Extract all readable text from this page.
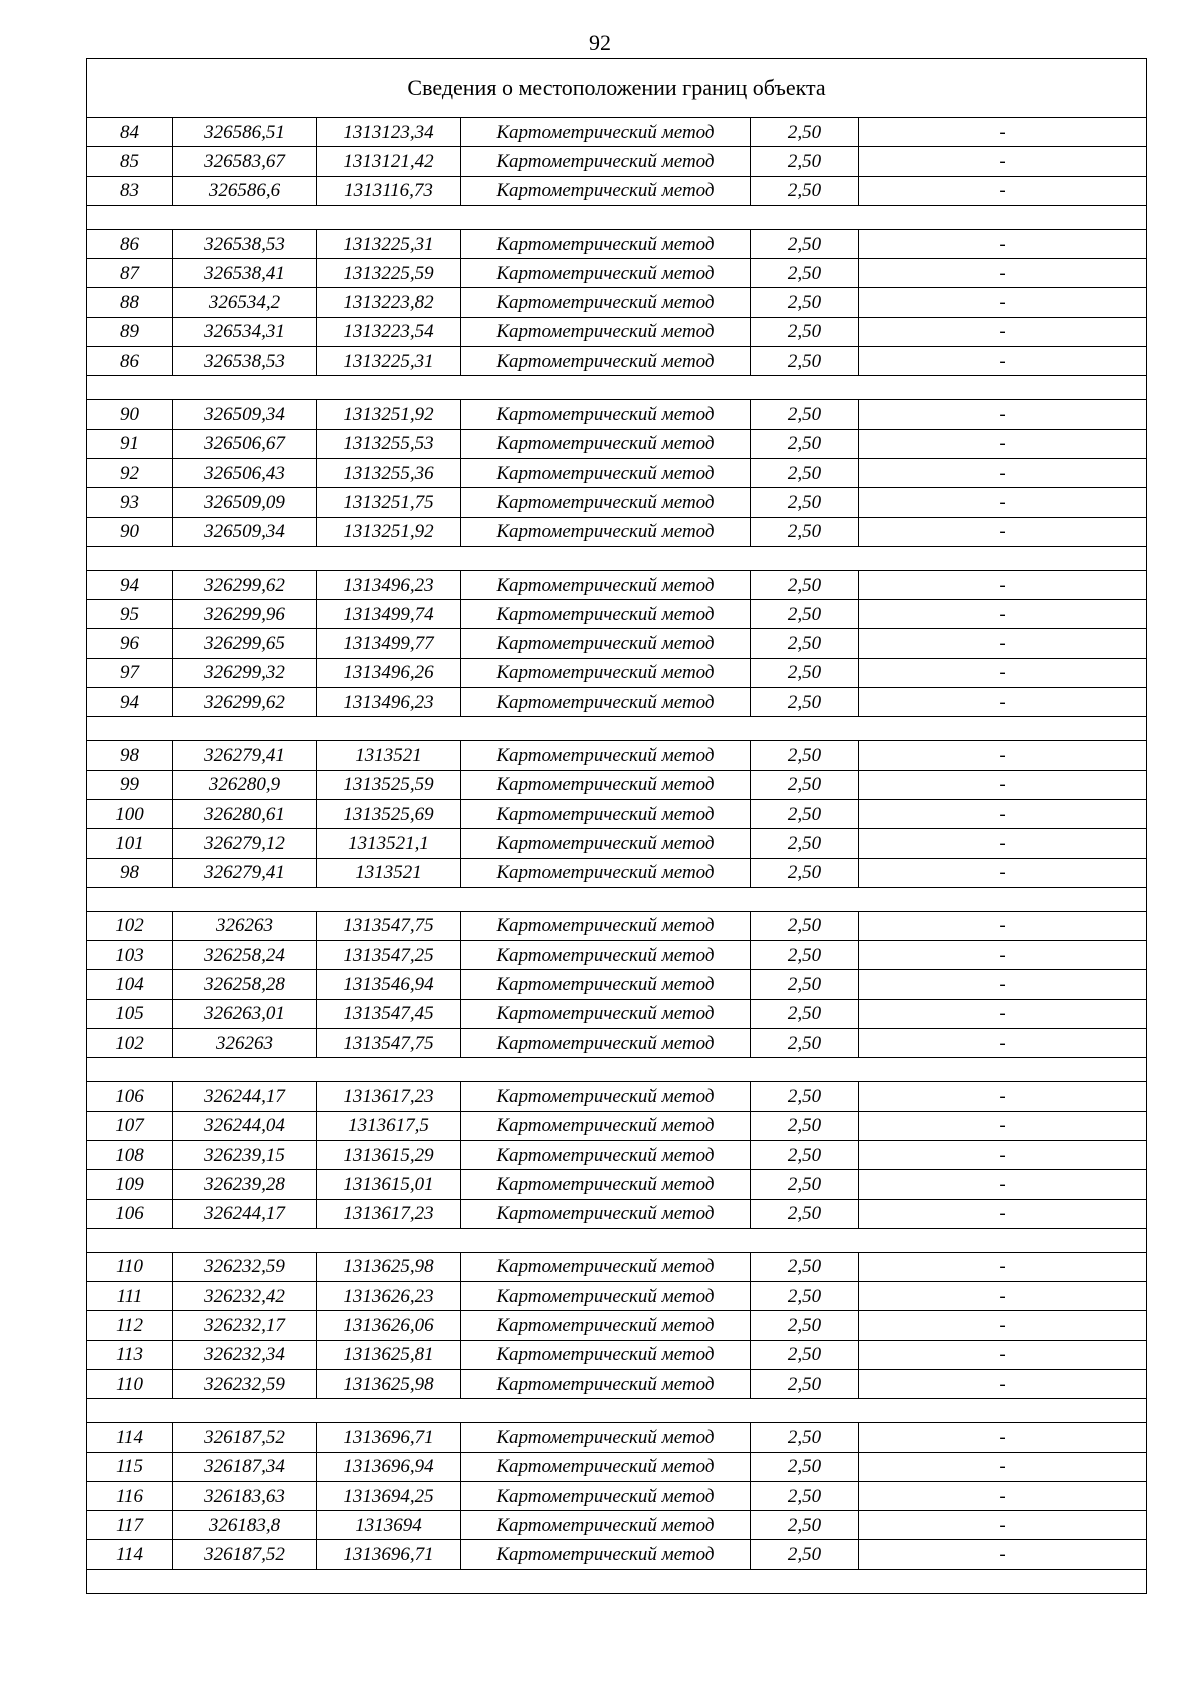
92
Сведения о местоположении границ объекта					
84	326586,51	1313123,34	Картометрический метод	2,50	-
85	326583,67	1313121,42	Картометрический метод	2,50	-
83	326586,6	1313116,73	Картометрический метод	2,50	-

86	326538,53	1313225,31	Картометрический метод	2,50	-
87	326538,41	1313225,59	Картометрический метод	2,50	-
88	326534,2	1313223,82	Картометрический метод	2,50	-
89	326534,31	1313223,54	Картометрический метод	2,50	-
86	326538,53	1313225,31	Картометрический метод	2,50	-

90	326509,34	1313251,92	Картометрический метод	2,50	-
91	326506,67	1313255,53	Картометрический метод	2,50	-
92	326506,43	1313255,36	Картометрический метод	2,50	-
93	326509,09	1313251,75	Картометрический метод	2,50	-
90	326509,34	1313251,92	Картометрический метод	2,50	-

94	326299,62	1313496,23	Картометрический метод	2,50	-
95	326299,96	1313499,74	Картометрический метод	2,50	-
96	326299,65	1313499,77	Картометрический метод	2,50	-
97	326299,32	1313496,26	Картометрический метод	2,50	-
94	326299,62	1313496,23	Картометрический метод	2,50	-

98	326279,41	1313521	Картометрический метод	2,50	-
99	326280,9	1313525,59	Картометрический метод	2,50	-
100	326280,61	1313525,69	Картометрический метод	2,50	-
101	326279,12	1313521,1	Картометрический метод	2,50	-
98	326279,41	1313521	Картометрический метод	2,50	-

102	326263	1313547,75	Картометрический метод	2,50	-
103	326258,24	1313547,25	Картометрический метод	2,50	-
104	326258,28	1313546,94	Картометрический метод	2,50	-
105	326263,01	1313547,45	Картометрический метод	2,50	-
102	326263	1313547,75	Картометрический метод	2,50	-

106	326244,17	1313617,23	Картометрический метод	2,50	-
107	326244,04	1313617,5	Картометрический метод	2,50	-
108	326239,15	1313615,29	Картометрический метод	2,50	-
109	326239,28	1313615,01	Картометрический метод	2,50	-
106	326244,17	1313617,23	Картометрический метод	2,50	-

110	326232,59	1313625,98	Картометрический метод	2,50	-
111	326232,42	1313626,23	Картометрический метод	2,50	-
112	326232,17	1313626,06	Картометрический метод	2,50	-
113	326232,34	1313625,81	Картометрический метод	2,50	-
110	326232,59	1313625,98	Картометрический метод	2,50	-

114	326187,52	1313696,71	Картометрический метод	2,50	-
115	326187,34	1313696,94	Картометрический метод	2,50	-
116	326183,63	1313694,25	Картометрический метод	2,50	-
117	326183,8	1313694	Картометрический метод	2,50	-
114	326187,52	1313696,71	Картометрический метод	2,50	-
